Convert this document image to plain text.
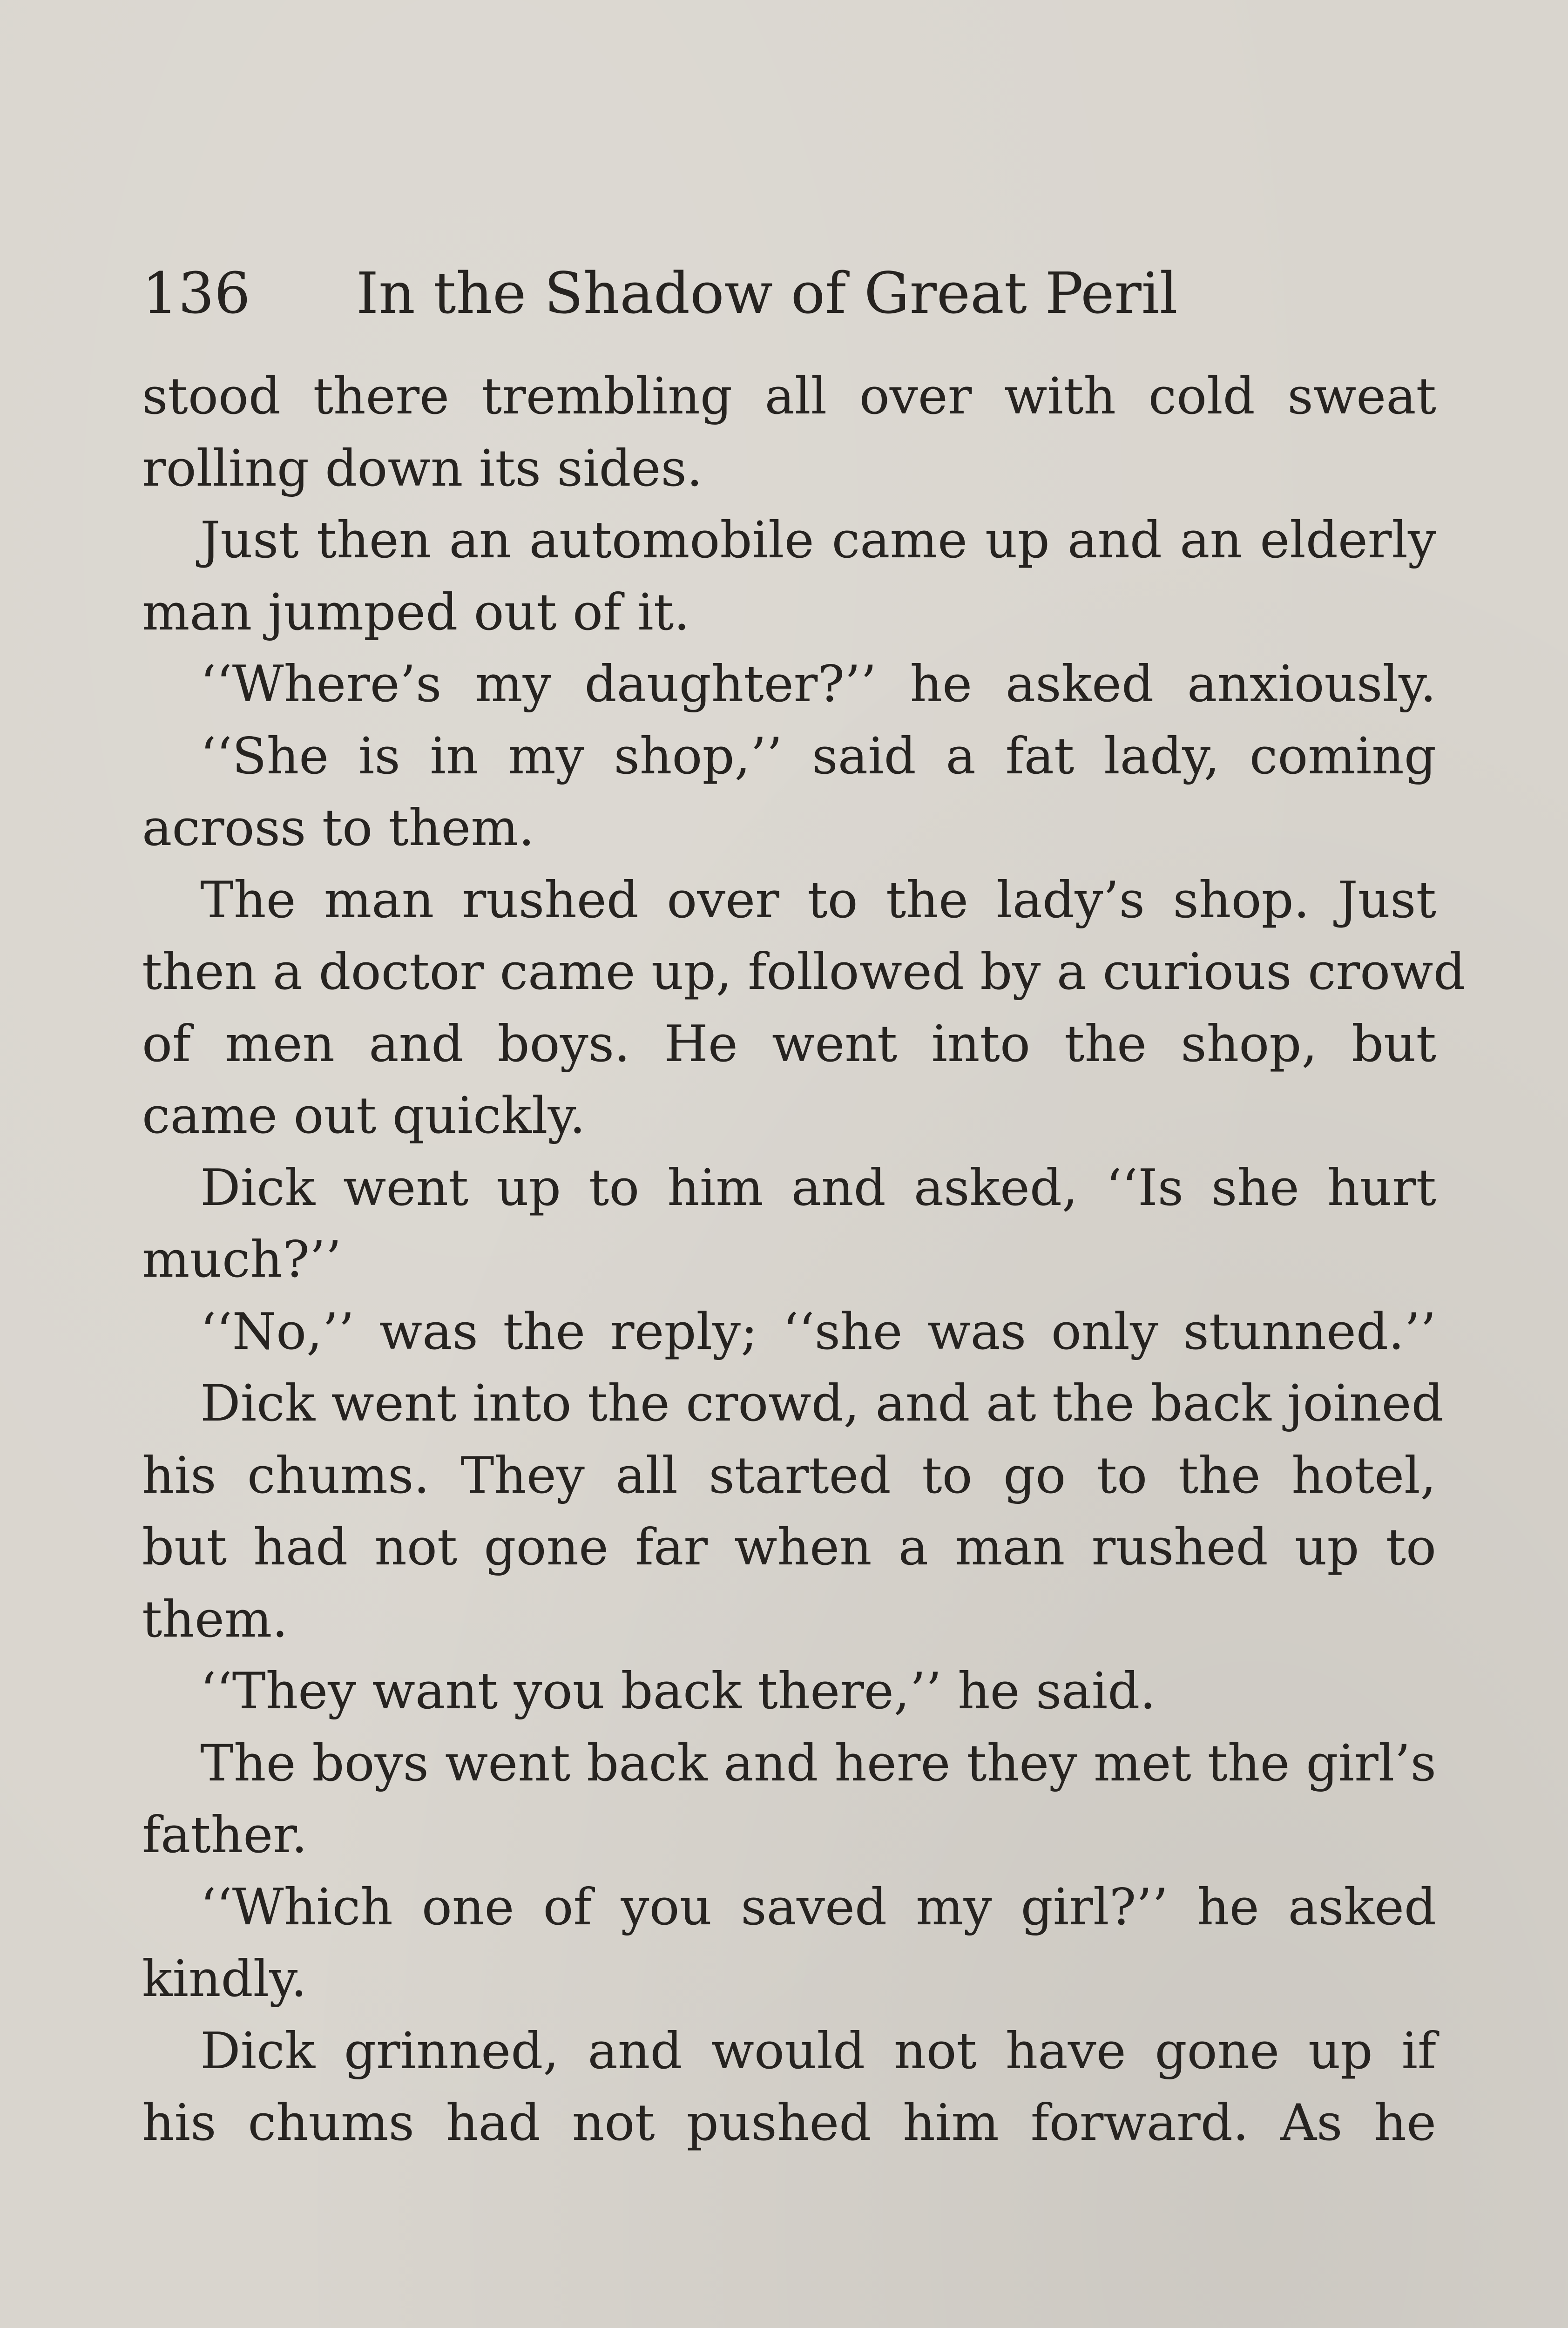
136 In the Shadow of Great Peril
stood there trembling all over with cold sweat
rolling down its sides.
Just then an automobile came up and an elderly
man jumped out of it.
‘‘Where’s my daughter?’’ he asked anxiously.
‘‘She is in my shop,’’ said a fat lady, coming
across to them.
The man rushed over to the lady’s shop. Just
then a doctor came up, followed by a curious crowd
of men and boys. He went into the shop, but
came out quickly.
Dick went up to him and asked, ‘‘Is she hurt
much?’’
‘‘No,’’ was the reply; ‘‘she was only stunned.’’
Dick went into the crowd, and at the back joined
his chums. They all started to go to the hotel,
but had not gone far when a man rushed up to
them.
‘‘They want you back there,’’ he said.
The boys went back and here they met the girl’s
father.
‘‘Which one of you saved my girl?’’ he asked
kindly.
Dick grinned, and would not have gone up if
his chums had not pushed him forward. As he
